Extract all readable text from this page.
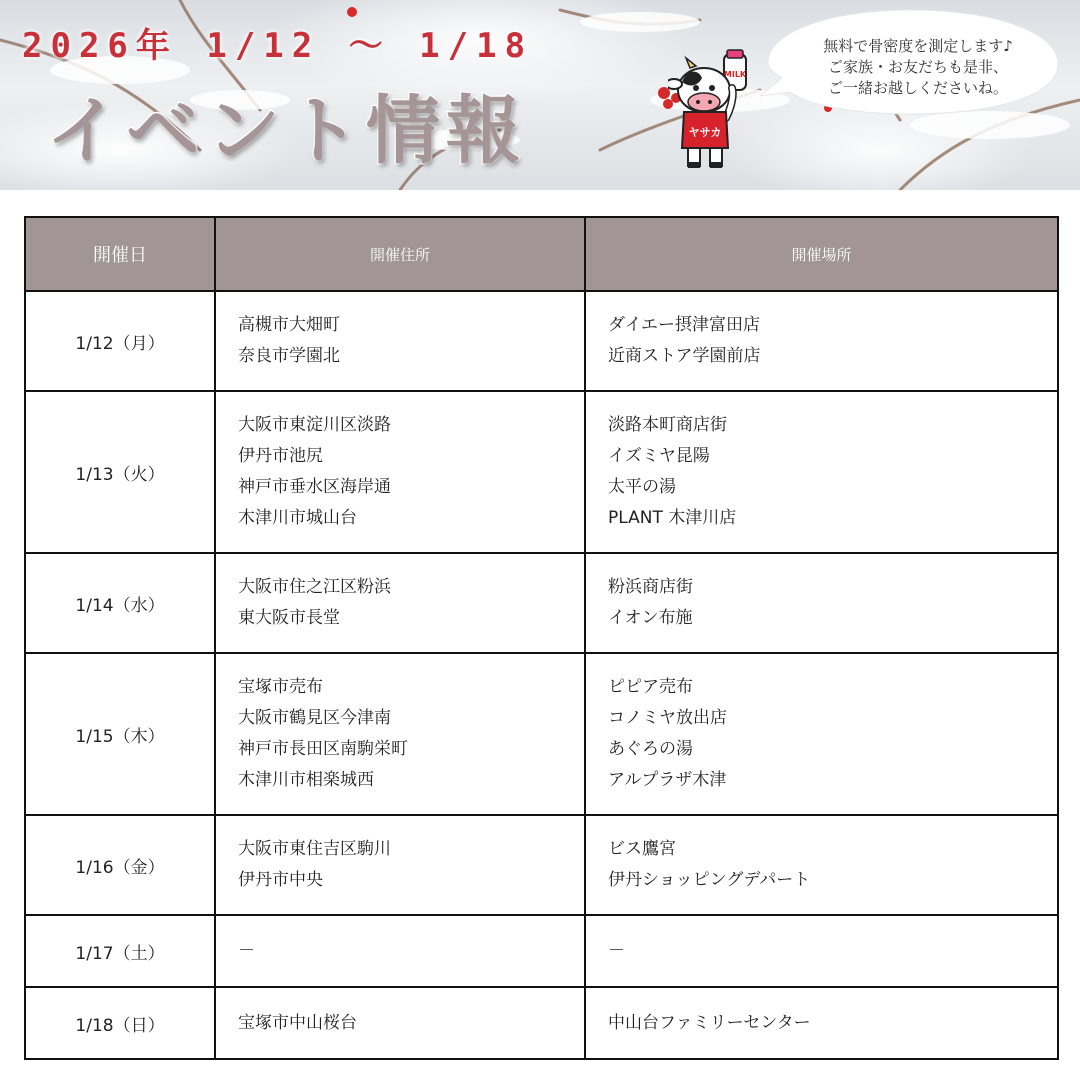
2026年 1/12 ～ 1/18
イベント情報
MILK
ヤサカ
無料で骨密度を測定します♪
ご家族・お友だちも是非、
ご一緒お越しくださいね。
開催日	開催住所	開催場所
1/12（月）	高槻市大畑町
奈良市学園北	ダイエー摂津富田店
近商ストア学園前店

1/13（火）	大阪市東淀川区淡路
伊丹市池尻
神戸市垂水区海岸通
木津川市城山台	淡路本町商店街
イズミヤ昆陽
太平の湯
PLANT 木津川店

1/14（水）	大阪市住之江区粉浜
東大阪市長堂	粉浜商店街
イオン布施

1/15（木）	宝塚市売布
大阪市鶴見区今津南
神戸市長田区南駒栄町
木津川市相楽城西	ピピア売布
コノミヤ放出店
あぐろの湯
アルプラザ木津

1/16（金）	大阪市東住吉区駒川
伊丹市中央	ビス鷹宮
伊丹ショッピングデパート

1/17（土）	－	－

1/18（日）	宝塚市中山桜台	中山台ファミリーセンター
